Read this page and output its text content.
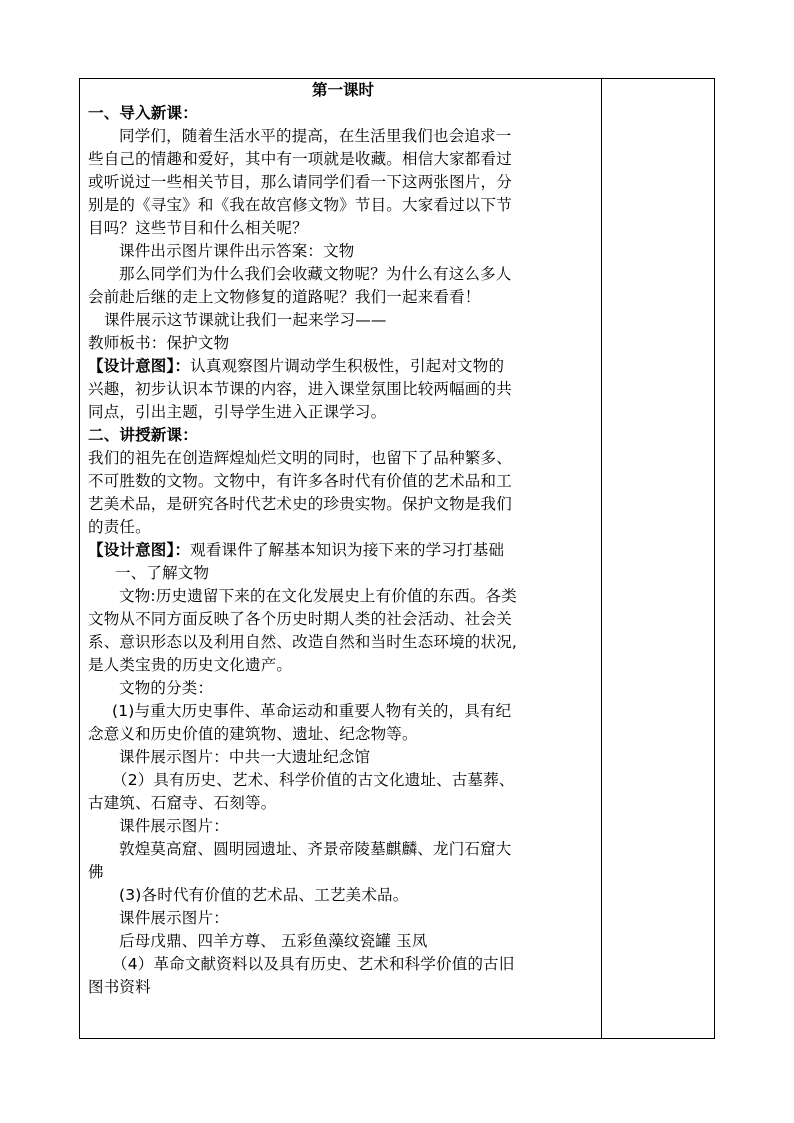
第一课时
一、导入新课：
同学们，随着生活水平的提高，在生活里我们也会追求一
些自己的情趣和爱好，其中有一项就是收藏。相信大家都看过
或听说过一些相关节目，那么请同学们看一下这两张图片，分
别是的《寻宝》和《我在故宫修文物》节目。大家看过以下节
目吗？这些节目和什么相关呢？
课件出示图片课件出示答案：文物
那么同学们为什么我们会收藏文物呢？为什么有这么多人
会前赴后继的走上文物修复的道路呢？我们一起来看看！
课件展示这节课就让我们一起来学习——
教师板书：保护文物
【设计意图】：认真观察图片调动学生积极性，引起对文物的
兴趣，初步认识本节课的内容，进入课堂氛围比较两幅画的共
同点，引出主题，引导学生进入正课学习。
二、讲授新课：
我们的祖先在创造辉煌灿烂文明的同时，也留下了品种繁多、
不可胜数的文物。文物中，有许多各时代有价值的艺术品和工
艺美术品，是研究各时代艺术史的珍贵实物。保护文物是我们
的责任。
【设计意图】：观看课件了解基本知识为接下来的学习打基础
一、了解文物
文物:历史遗留下来的在文化发展史上有价值的东西。各类
文物从不同方面反映了各个历史时期人类的社会活动、社会关
系、意识形态以及利用自然、改造自然和当时生态环境的状况,
是人类宝贵的历史文化遗产。
文物的分类：
(1)与重大历史事件、革命运动和重要人物有关的，具有纪
念意义和历史价值的建筑物、遗址、纪念物等。
课件展示图片：中共一大遗址纪念馆
（2）具有历史、艺术、科学价值的古文化遗址、古墓葬、
古建筑、石窟寺、石刻等。
课件展示图片：
敦煌莫高窟、圆明园遗址、齐景帝陵墓麒麟、龙门石窟大
佛
(3)各时代有价值的艺术品、工艺美术品。
课件展示图片：
后母戊鼎、四羊方尊、 五彩鱼藻纹瓷罐 玉凤
（4）革命文献资料以及具有历史、艺术和科学价值的古旧
图书资料
